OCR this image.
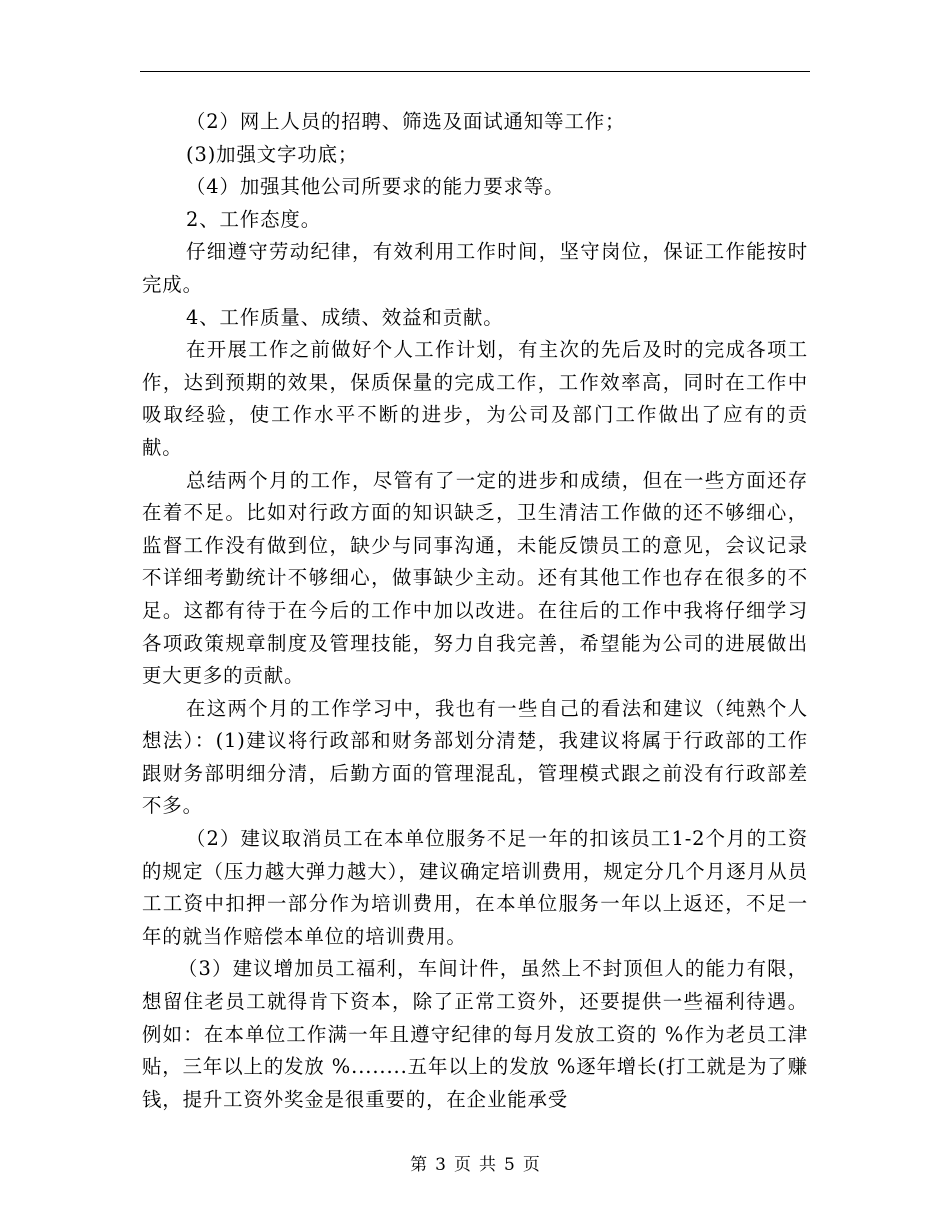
（2）网上人员的招聘、筛选及面试通知等工作；

(3)加强文字功底；

（4）加强其他公司所要求的能力要求等。

2、工作态度。

仔细遵守劳动纪律，有效利用工作时间，坚守岗位，保证工作能按时完成。

4、工作质量、成绩、效益和贡献。

在开展工作之前做好个人工作计划，有主次的先后及时的完成各项工作，达到预期的效果，保质保量的完成工作，工作效率高，同时在工作中吸取经验，使工作水平不断的进步，为公司及部门工作做出了应有的贡献。

总结两个月的工作，尽管有了一定的进步和成绩，但在一些方面还存在着不足。比如对行政方面的知识缺乏，卫生清洁工作做的还不够细心，监督工作没有做到位，缺少与同事沟通，未能反馈员工的意见，会议记录不详细考勤统计不够细心，做事缺少主动。还有其他工作也存在很多的不足。这都有待于在今后的工作中加以改进。在往后的工作中我将仔细学习各项政策规章制度及管理技能，努力自我完善，希望能为公司的进展做出更大更多的贡献。

在这两个月的工作学习中，我也有一些自己的看法和建议（纯熟个人想法）：(1)建议将行政部和财务部划分清楚，我建议将属于行政部的工作跟财务部明细分清，后勤方面的管理混乱，管理模式跟之前没有行政部差不多。

（2）建议取消员工在本单位服务不足一年的扣该员工1-2个月的工资的规定（压力越大弹力越大），建议确定培训费用，规定分几个月逐月从员工工资中扣押一部分作为培训费用，在本单位服务一年以上返还，不足一年的就当作赔偿本单位的培训费用。

（3）建议增加员工福利，车间计件，虽然上不封顶但人的能力有限，想留住老员工就得肯下资本，除了正常工资外，还要提供一些福利待遇。例如：在本单位工作满一年且遵守纪律的每月发放工资的 %作为老员工津贴，三年以上的发放 %........五年以上的发放 %逐年增长(打工就是为了赚钱，提升工资外奖金是很重要的，在企业能承受

第 3 页 共 5 页
